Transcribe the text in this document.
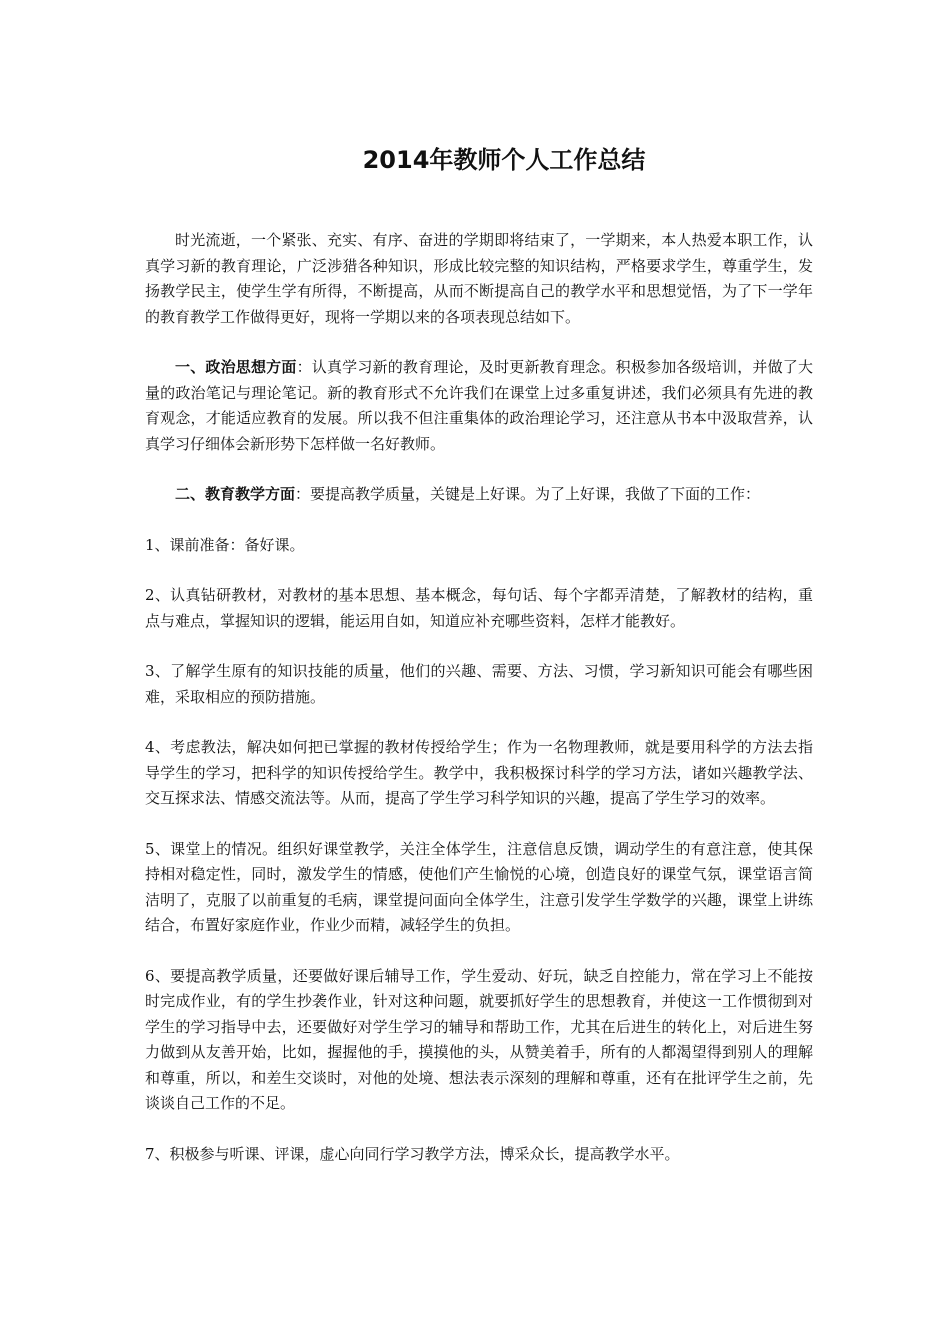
2014年教师个人工作总结

时光流逝，一个紧张、充实、有序、奋进的学期即将结束了，一学期来，本人热爱本职工作，认真学习新的教育理论，广泛涉猎各种知识，形成比较完整的知识结构，严格要求学生，尊重学生，发扬教学民主，使学生学有所得，不断提高，从而不断提高自己的教学水平和思想觉悟，为了下一学年的教育教学工作做得更好，现将一学期以来的各项表现总结如下。

一、政治思想方面：认真学习新的教育理论，及时更新教育理念。积极参加各级培训，并做了大量的政治笔记与理论笔记。新的教育形式不允许我们在课堂上过多重复讲述，我们必须具有先进的教育观念，才能适应教育的发展。所以我不但注重集体的政治理论学习，还注意从书本中汲取营养，认真学习仔细体会新形势下怎样做一名好教师。

二、教育教学方面：要提高教学质量，关键是上好课。为了上好课，我做了下面的工作：

1、课前准备：备好课。

2、认真钻研教材，对教材的基本思想、基本概念，每句话、每个字都弄清楚，了解教材的结构，重点与难点，掌握知识的逻辑，能运用自如，知道应补充哪些资料，怎样才能教好。

3、了解学生原有的知识技能的质量，他们的兴趣、需要、方法、习惯，学习新知识可能会有哪些困难，采取相应的预防措施。

4、考虑教法，解决如何把已掌握的教材传授给学生；作为一名物理教师，就是要用科学的方法去指导学生的学习，把科学的知识传授给学生。教学中，我积极探讨科学的学习方法，诸如兴趣教学法、交互探求法、情感交流法等。从而，提高了学生学习科学知识的兴趣，提高了学生学习的效率。

5、课堂上的情况。组织好课堂教学，关注全体学生，注意信息反馈，调动学生的有意注意，使其保持相对稳定性，同时，激发学生的情感，使他们产生愉悦的心境，创造良好的课堂气氛，课堂语言简洁明了，克服了以前重复的毛病，课堂提问面向全体学生，注意引发学生学数学的兴趣，课堂上讲练结合，布置好家庭作业，作业少而精，减轻学生的负担。

6、要提高教学质量，还要做好课后辅导工作，学生爱动、好玩，缺乏自控能力，常在学习上不能按时完成作业，有的学生抄袭作业，针对这种问题，就要抓好学生的思想教育，并使这一工作惯彻到对学生的学习指导中去，还要做好对学生学习的辅导和帮助工作，尤其在后进生的转化上，对后进生努力做到从友善开始，比如，握握他的手，摸摸他的头，从赞美着手，所有的人都渴望得到别人的理解和尊重，所以，和差生交谈时，对他的处境、想法表示深刻的理解和尊重，还有在批评学生之前，先谈谈自己工作的不足。

7、积极参与听课、评课，虚心向同行学习教学方法，博采众长，提高教学水平。
